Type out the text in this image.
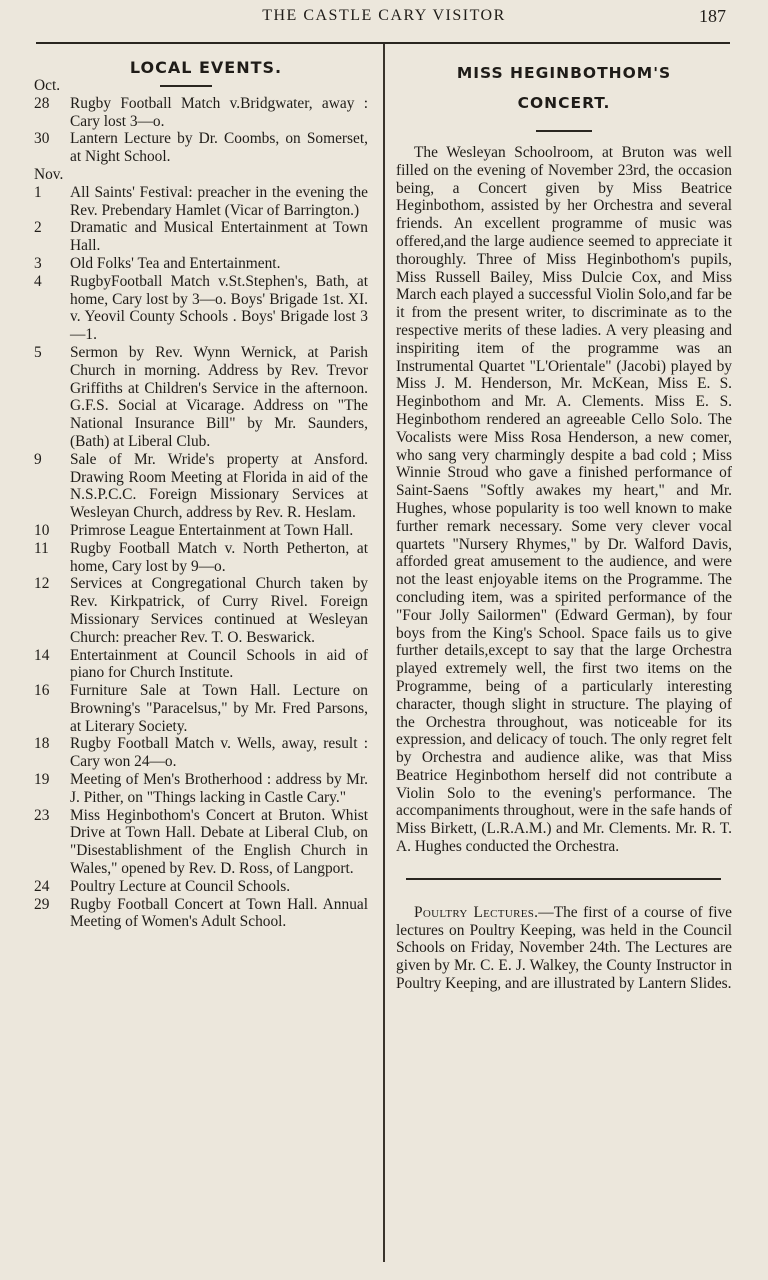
THE CASTLE CARY VISITOR	187
LOCAL EVENTS.
Oct.
28	Rugby Football Match v.Bridgwater, away : Cary lost 3—o.
30	Lantern Lecture by Dr. Coombs, on Somerset, at Night School.
Nov.
1	All Saints' Festival: preacher in the evening the Rev. Prebendary Hamlet (Vicar of Barrington.)
2	Dramatic and Musical Entertainment at Town Hall.
3	Old Folks' Tea and Entertainment.
4	RugbyFootball Match v.St.Stephen's, Bath, at home, Cary lost by 3—o. Boys' Brigade 1st. XI. v. Yeovil County Schools . Boys' Brigade lost 3—1.
5	Sermon by Rev. Wynn Wernick, at Parish Church in morning. Address by Rev. Trevor Griffiths at Children's Service in the afternoon. G.F.S. Social at Vicarage. Address on "The National Insurance Bill" by Mr. Saunders, (Bath) at Liberal Club.
9	Sale of Mr. Wride's property at Ansford. Drawing Room Meeting at Florida in aid of the N.S.P.C.C. Foreign Missionary Services at Wesleyan Church, address by Rev. R. Heslam.
10	Primrose League Entertainment at Town Hall.
11	Rugby Football Match v. North Petherton, at home, Cary lost by 9—o.
12	Services at Congregational Church taken by Rev. Kirkpatrick, of Curry Rivel. Foreign Missionary Services continued at Wesleyan Church: preacher Rev. T. O. Beswarick.
14	Entertainment at Council Schools in aid of piano for Church Institute.
16	Furniture Sale at Town Hall. Lecture on Browning's "Paracelsus," by Mr. Fred Parsons, at Literary Society.
18	Rugby Football Match v. Wells, away, result : Cary won 24—o.
19	Meeting of Men's Brotherhood : address by Mr. J. Pither, on "Things lacking in Castle Cary."
23	Miss Heginbothom's Concert at Bruton. Whist Drive at Town Hall. Debate at Liberal Club, on "Disestablishment of the English Church in Wales," opened by Rev. D. Ross, of Langport.
24	Poultry Lecture at Council Schools.
29	Rugby Football Concert at Town Hall. Annual Meeting of Women's Adult School.
MISS HEGINBOTHOM'S
CONCERT.
The Wesleyan Schoolroom, at Bruton was well filled on the evening of November 23rd, the occasion being, a Concert given by Miss Beatrice Heginbothom, assisted by her Orchestra and several friends. An excellent programme of music was offered,and the large audience seemed to appreciate it thoroughly. Three of Miss Heginbothom's pupils, Miss Russell Bailey, Miss Dulcie Cox, and Miss March each played a successful Violin Solo,and far be it from the present writer, to discriminate as to the respective merits of these ladies. A very pleasing and inspiriting item of the programme was an Instrumental Quartet "L'Orientale" (Jacobi) played by Miss J. M. Henderson, Mr. McKean, Miss E. S. Heginbothom and Mr. A. Clements. Miss E. S. Heginbothom rendered an agreeable Cello Solo. The Vocalists were Miss Rosa Henderson, a new comer, who sang very charmingly despite a bad cold ; Miss Winnie Stroud who gave a finished performance of Saint-Saens "Softly awakes my heart," and Mr. Hughes, whose popularity is too well known to make further remark necessary. Some very clever vocal quartets "Nursery Rhymes," by Dr. Walford Davis, afforded great amusement to the audience, and were not the least enjoyable items on the Programme. The concluding item, was a spirited performance of the "Four Jolly Sailormen" (Edward German), by four boys from the King's School. Space fails us to give further details,except to say that the large Orchestra played extremely well, the first two items on the Programme, being of a particularly interesting character, though slight in structure. The playing of the Orchestra throughout, was noticeable for its expression, and delicacy of touch. The only regret felt by Orchestra and audience alike, was that Miss Beatrice Heginbothom herself did not contribute a Violin Solo to the evening's performance. The accompaniments throughout, were in the safe hands of Miss Birkett, (L.R.A.M.) and Mr. Clements. Mr. R. T. A. Hughes conducted the Orchestra.
Poultry Lectures.—The first of a course of five lectures on Poultry Keeping, was held in the Council Schools on Friday, November 24th. The Lectures are given by Mr. C. E. J. Walkey, the County Instructor in Poultry Keeping, and are illustrated by Lantern Slides.
